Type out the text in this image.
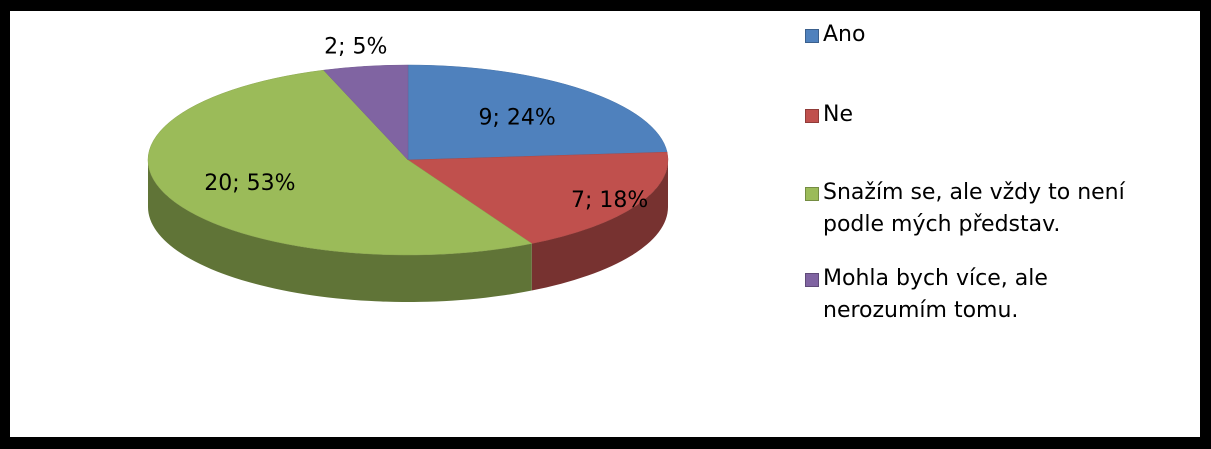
9; 24%
7; 18%
20; 53%
2; 5%
Ano
Ne
Snažím se, ale vždy to není podle mých představ.
Mohla bych více, ale nerozumím tomu.
